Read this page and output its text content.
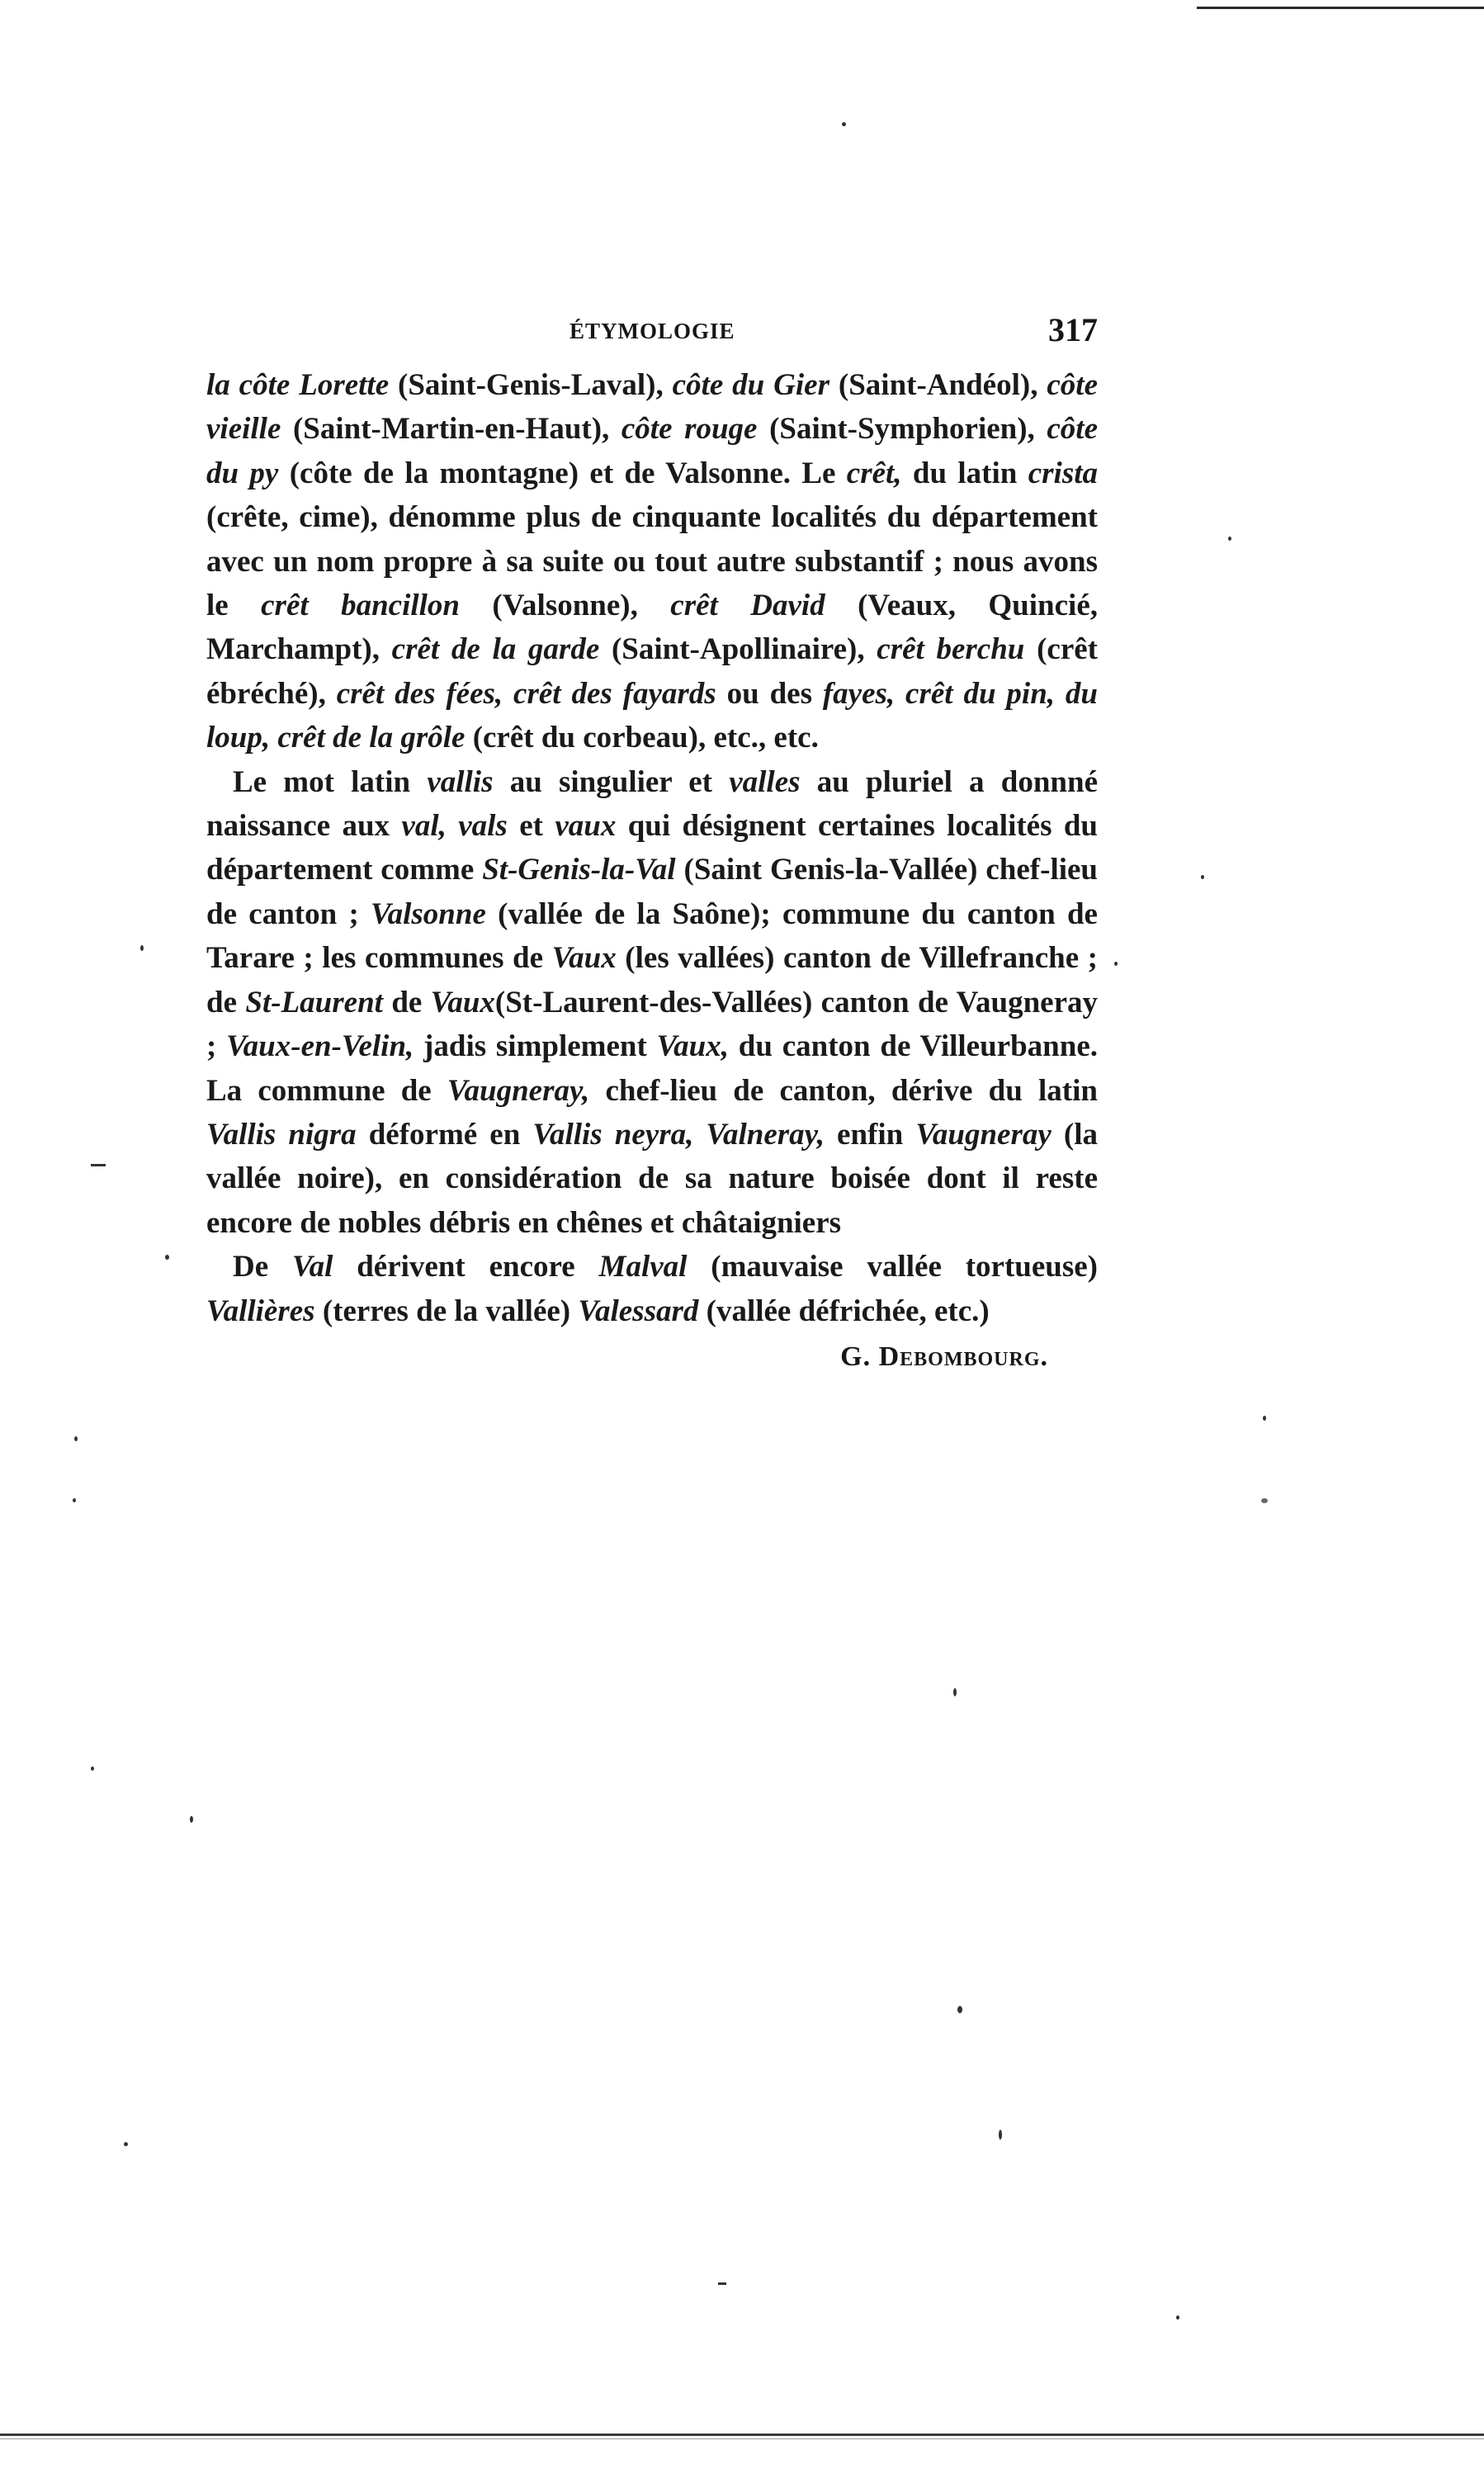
ÉTYMOLOGIE	317

la côte Lorette (Saint-Genis-Laval), côte du Gier (Saint-Andéol), côte vieille (Saint-Martin-en-Haut), côte rouge (Saint-Symphorien), côte du py (côte de la montagne) et de Valsonne. Le crêt, du latin crista (crête, cime), dénomme plus de cinquante localités du département avec un nom propre à sa suite ou tout autre substantif ; nous avons le crêt bancillon (Valsonne), crêt David (Veaux, Quincié, Marchampt), crêt de la garde (Saint-Apollinaire), crêt berchu (crêt ébréché), crêt des fées, crêt des fayards ou des fayes, crêt du pin, du loup, crêt de la grôle (crêt du corbeau), etc., etc.

Le mot latin vallis au singulier et valles au pluriel a donnné naissance aux val, vals et vaux qui désignent certaines localités du département comme St-Genis-la-Val (Saint Genis-la-Vallée) chef-lieu de canton ; Valsonne (vallée de la Saône); commune du canton de Tarare ; les communes de Vaux (les vallées) canton de Villefranche ; de St-Laurent de Vaux(St-Laurent-des-Vallées) canton de Vaugneray ; Vaux-en-Velin, jadis simplement Vaux, du canton de Villeurbanne. La commune de Vaugneray, chef-lieu de canton, dérive du latin Vallis nigra déformé en Vallis neyra, Valneray, enfin Vaugneray (la vallée noire), en considération de sa nature boisée dont il reste encore de nobles débris en chênes et châtaigniers

De Val dérivent encore Malval (mauvaise vallée tortueuse) Vallières (terres de la vallée) Valessard (vallée défrichée, etc.)

G. Debombourg.
